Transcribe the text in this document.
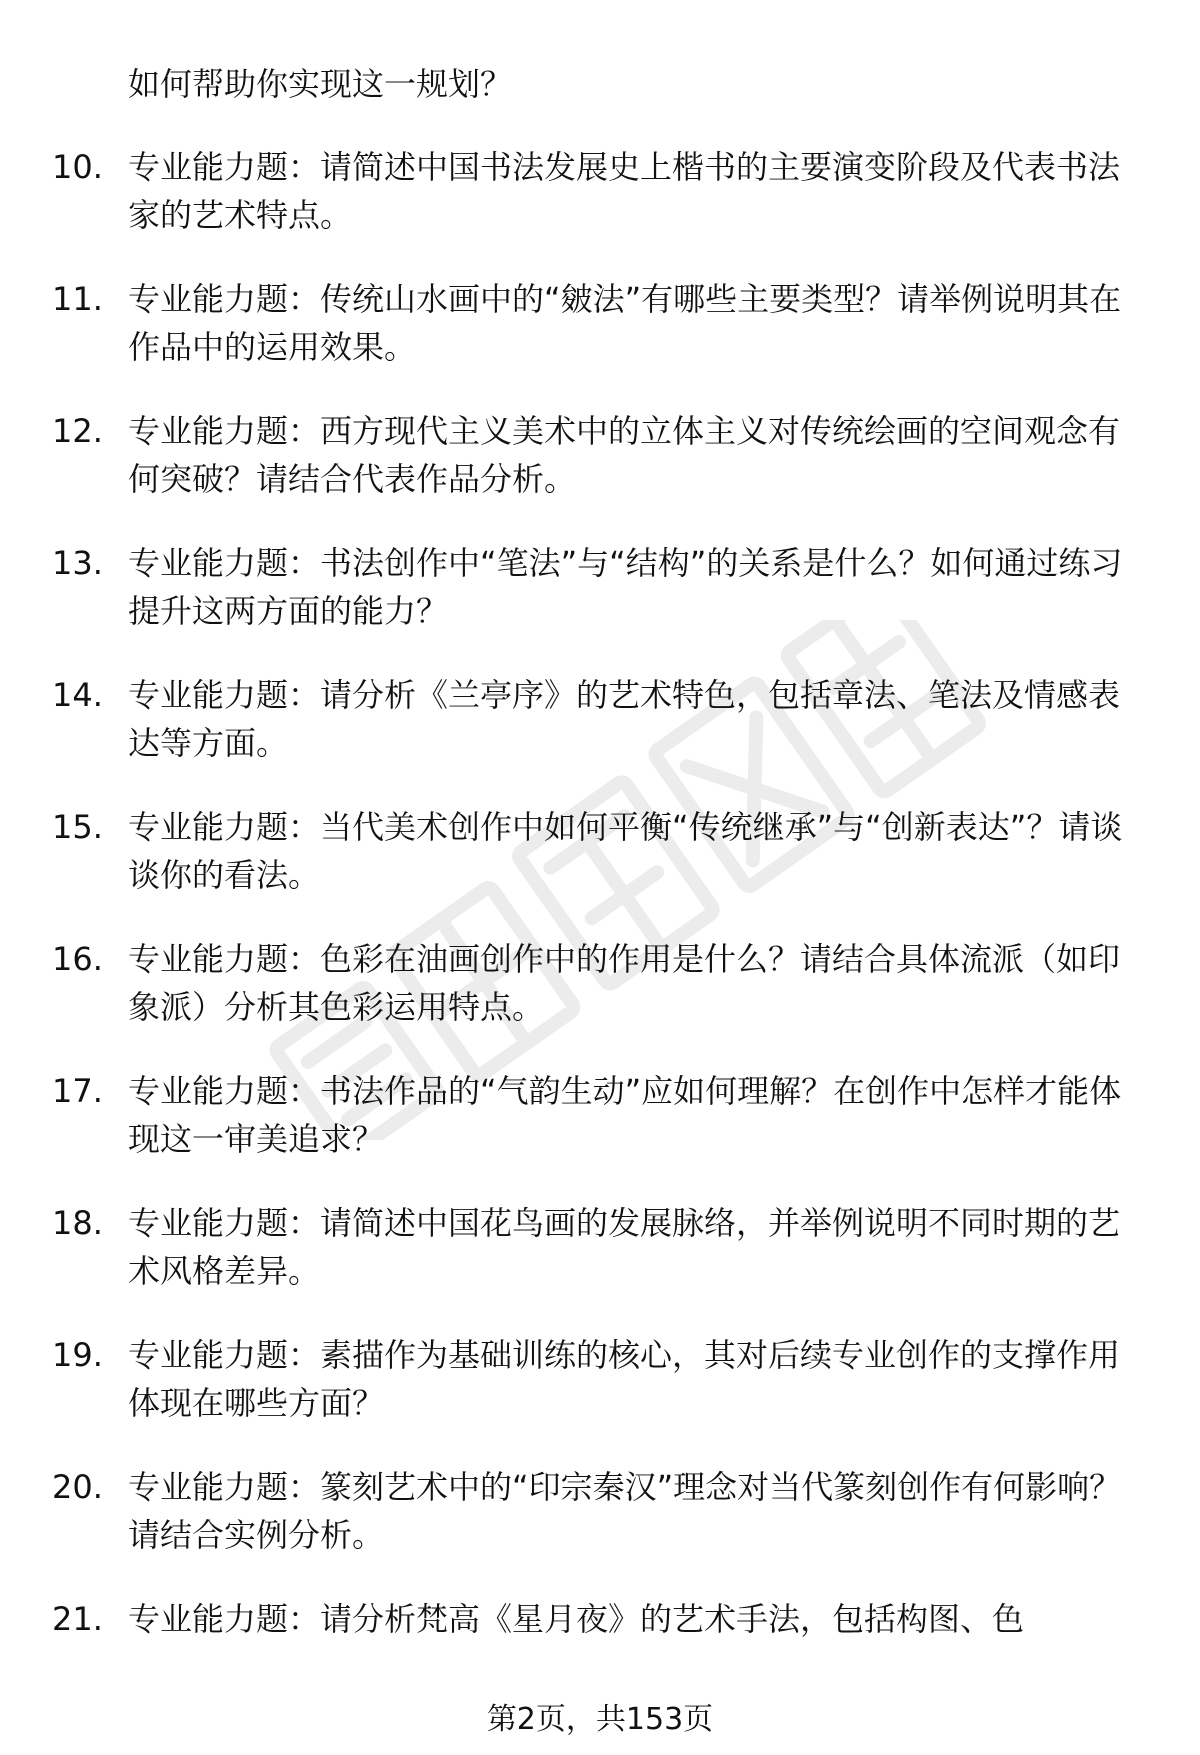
如何帮助你实现这一规划？
10. 专业能力题：请简述中国书法发展史上楷书的主要演变阶段及代表书法家的艺术特点。
11. 专业能力题：传统山水画中的“皴法”有哪些主要类型？请举例说明其在作品中的运用效果。
12. 专业能力题：西方现代主义美术中的立体主义对传统绘画的空间观念有何突破？请结合代表作品分析。
13. 专业能力题：书法创作中“笔法”与“结构”的关系是什么？如何通过练习提升这两方面的能力？
14. 专业能力题：请分析《兰亭序》的艺术特色，包括章法、笔法及情感表达等方面。
15. 专业能力题：当代美术创作中如何平衡“传统继承”与“创新表达”？请谈谈你的看法。
16. 专业能力题：色彩在油画创作中的作用是什么？请结合具体流派（如印象派）分析其色彩运用特点。
17. 专业能力题：书法作品的“气韵生动”应如何理解？在创作中怎样才能体现这一审美追求？
18. 专业能力题：请简述中国花鸟画的发展脉络，并举例说明不同时期的艺术风格差异。
19. 专业能力题：素描作为基础训练的核心，其对后续专业创作的支撑作用体现在哪些方面？
20. 专业能力题：篆刻艺术中的“印宗秦汉”理念对当代篆刻创作有何影响？请结合实例分析。
21. 专业能力题：请分析梵高《星月夜》的艺术手法，包括构图、色
第2页，共153页
